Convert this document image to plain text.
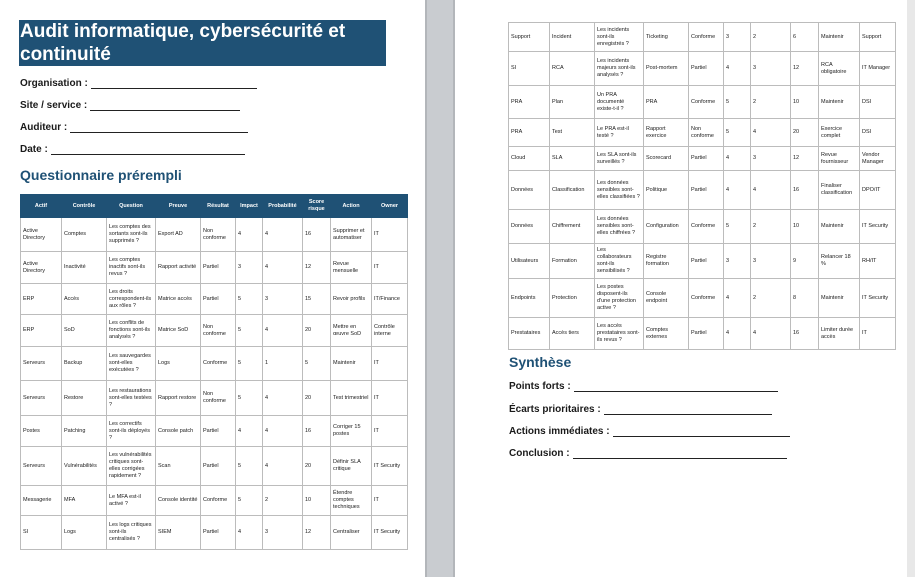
Audit informatique, cybersécurité et continuité
Organisation :
Site / service :
Auditeur :
Date :
Questionnaire prérempli
Actif	Contrôle	Question	Preuve	Résultat	Impact	Probabilité	Score risque	Action	Owner
Active Directory	Comptes	Les comptes des sortants sont-ils supprimés ?	Export AD	Non conforme	4	4	16	Supprimer et automatiser	IT
Active Directory	Inactivité	Les comptes inactifs sont-ils revus ?	Rapport activité	Partiel	3	4	12	Revue mensuelle	IT
ERP	Accès	Les droits correspondent-ils aux rôles ?	Matrice accès	Partiel	5	3	15	Revoir profils	IT/Finance
ERP	SoD	Les conflits de fonctions sont-ils analysés ?	Matrice SoD	Non conforme	5	4	20	Mettre en œuvre SoD	Contrôle interne
Serveurs	Backup	Les sauvegardes sont-elles exécutées ?	Logs	Conforme	5	1	5	Maintenir	IT
Serveurs	Restore	Les restaurations sont-elles testées ?	Rapport restore	Non conforme	5	4	20	Test trimestriel	IT
Postes	Patching	Les correctifs sont-ils déployés ?	Console patch	Partiel	4	4	16	Corriger 15 postes	IT
Serveurs	Vulnérabilités	Les vulnérabilités critiques sont-elles corrigées rapidement ?	Scan	Partiel	5	4	20	Définir SLA critique	IT Security
Messagerie	MFA	Le MFA est-il activé ?	Console identité	Conforme	5	2	10	Étendre comptes techniques	IT
SI	Logs	Les logs critiques sont-ils centralisés ?	SIEM	Partiel	4	3	12	Centraliser	IT Security
Support	Incident	Les incidents sont-ils enregistrés ?	Ticketing	Conforme	3	2	6	Maintenir	Support
SI	RCA	Les incidents majeurs sont-ils analysés ?	Post-mortem	Partiel	4	3	12	RCA obligatoire	IT Manager
PRA	Plan	Un PRA documenté existe-t-il ?	PRA	Conforme	5	2	10	Maintenir	DSI
PRA	Test	Le PRA est-il testé ?	Rapport exercice	Non conforme	5	4	20	Exercice complet	DSI
Cloud	SLA	Les SLA sont-ils surveillés ?	Scorecard	Partiel	4	3	12	Revue fournisseur	Vendor Manager
Données	Classification	Les données sensibles sont-elles classifiées ?	Politique	Partiel	4	4	16	Finaliser classification	DPO/IT
Données	Chiffrement	Les données sensibles sont-elles chiffrées ?	Configuration	Conforme	5	2	10	Maintenir	IT Security
Utilisateurs	Formation	Les collaborateurs sont-ils sensibilisés ?	Registre formation	Partiel	3	3	9	Relancer 18 %	RH/IT
Endpoints	Protection	Les postes disposent-ils d'une protection active ?	Console endpoint	Conforme	4	2	8	Maintenir	IT Security
Prestataires	Accès tiers	Les accès prestataires sont-ils revus ?	Comptes externes	Partiel	4	4	16	Limiter durée accès	IT
Synthèse
Points forts :
Écarts prioritaires :
Actions immédiates :
Conclusion :
